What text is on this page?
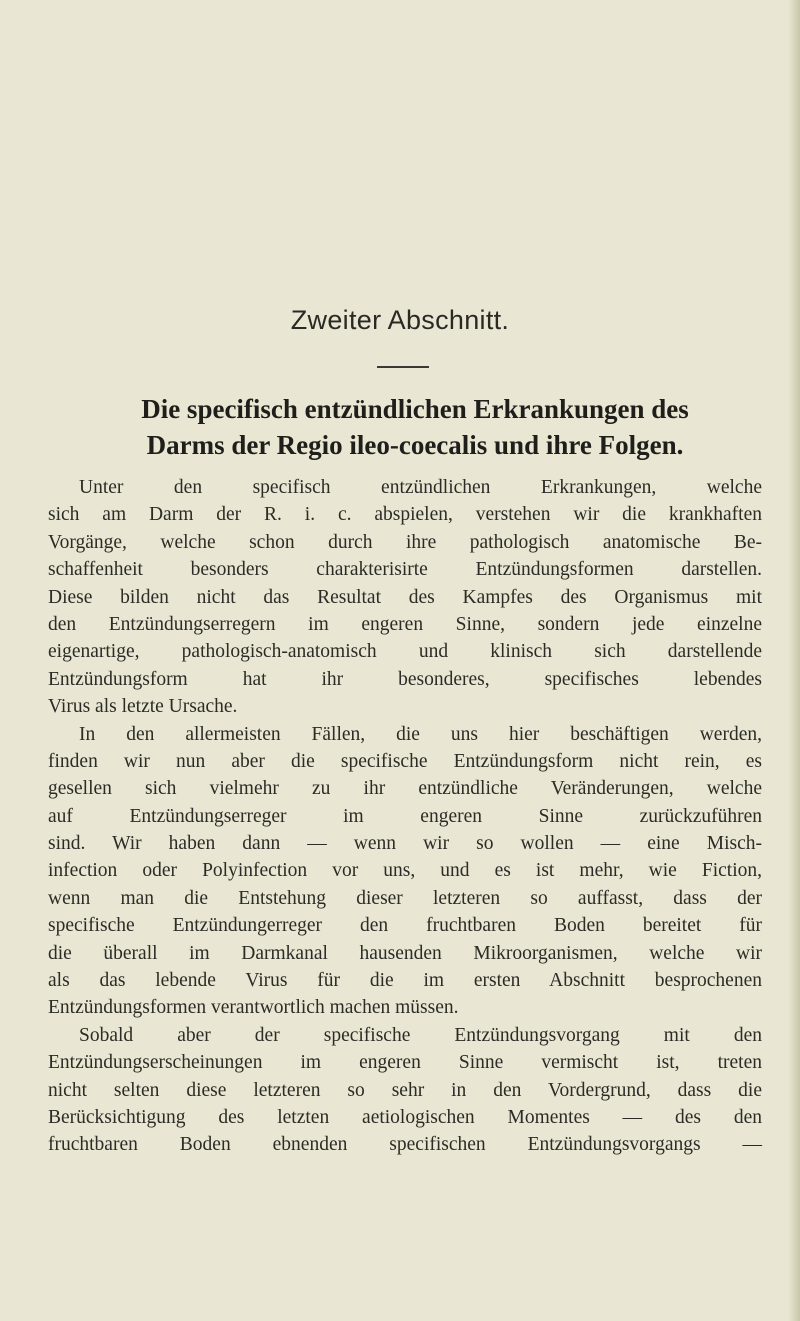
Zweiter Abschnitt.
Die specifisch entzündlichen Erkrankungen des
Darms der Regio ileo-coecalis und ihre Folgen.
Unter den specifisch entzündlichen Erkrankungen, welche
sich am Darm der R. i. c. abspielen, verstehen wir die krankhaften
Vorgänge, welche schon durch ihre pathologisch anatomische Be-
schaffenheit besonders charakterisirte Entzündungsformen darstellen.
Diese bilden nicht das Resultat des Kampfes des Organismus mit
den Entzündungserregern im engeren Sinne, sondern jede einzelne
eigenartige, pathologisch-anatomisch und klinisch sich darstellende
Entzündungsform hat ihr besonderes, specifisches lebendes
Virus als letzte Ursache.
In den allermeisten Fällen, die uns hier beschäftigen werden,
finden wir nun aber die specifische Entzündungsform nicht rein, es
gesellen sich vielmehr zu ihr entzündliche Veränderungen, welche
auf Entzündungserreger im engeren Sinne zurückzuführen
sind. Wir haben dann — wenn wir so wollen — eine Misch-
infection oder Polyinfection vor uns, und es ist mehr, wie Fiction,
wenn man die Entstehung dieser letzteren so auffasst, dass der
specifische Entzündungerreger den fruchtbaren Boden bereitet für
die überall im Darmkanal hausenden Mikroorganismen, welche wir
als das lebende Virus für die im ersten Abschnitt besprochenen
Entzündungsformen verantwortlich machen müssen.
Sobald aber der specifische Entzündungsvorgang mit den
Entzündungserscheinungen im engeren Sinne vermischt ist, treten
nicht selten diese letzteren so sehr in den Vordergrund, dass die
Berücksichtigung des letzten aetiologischen Momentes — des den
fruchtbaren Boden ebnenden specifischen Entzündungsvorgangs —
